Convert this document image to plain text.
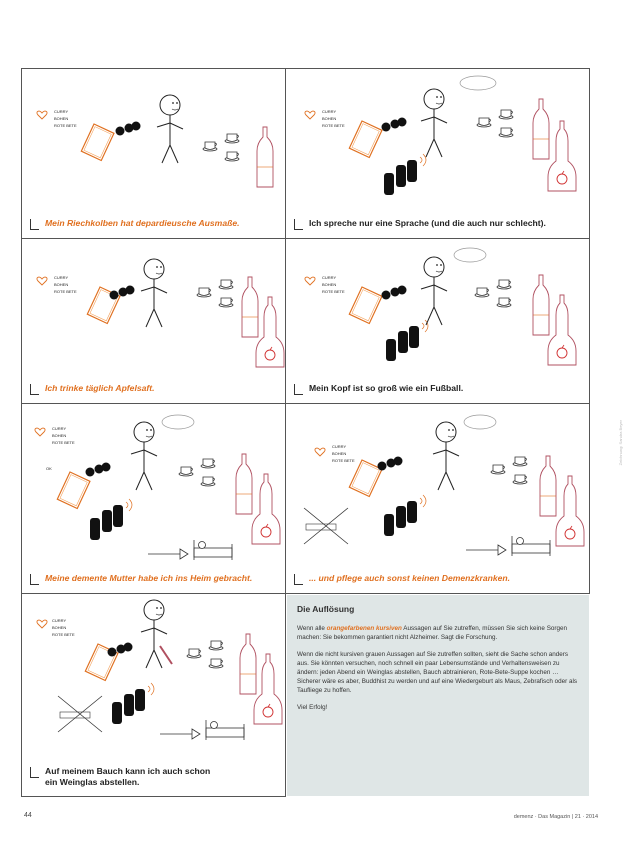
CURRY
BOHEN
ROTE BETE
Mein Riechkolben hat depardieusche Ausmaße.
CURRY
BOHEN
ROTE BETE
Ich spreche nur eine Sprache (und die auch nur schlecht).
CURRY
BOHEN
ROTE BETE
Ich trinke täglich Apfelsaft.
CURRY
BOHEN
ROTE BETE
Mein Kopf ist so groß wie ein Fußball.
CURRY
BOHEN
ROTE BETE
OK
Meine demente Mutter habe ich ins Heim gebracht.
CURRY
BOHEN
ROTE BETE
... und pflege auch sonst keinen Demenzkranken.
CURRY
BOHEN
ROTE BETE
Auf meinem Bauch kann ich auch schon
ein Weinglas abstellen.
Die Auflösung

Wenn alle orangefarbenen kursiven Aussagen auf Sie zutreffen, müssen Sie sich keine Sorgen machen: Sie bekommen garantiert nicht Alzheimer. Sagt die Forschung.

Wenn die nicht kursiven grauen Aussagen auf Sie zutreffen sollten, sieht die Sache schon anders aus. Sie könnten versuchen, noch schnell ein paar Lebensumstände und Verhaltensweisen zu ändern: jeden Abend ein Weinglas abstellen, Bauch abtrainieren, Rote-Bete-Suppe kochen … Sicherer wäre es aber, Buddhist zu werden und auf eine Wiedergeburt als Maus, Zebrafisch oder als Taufliege zu hoffen.

Viel Erfolg!

44	demenz · Das Magazin | 21 · 2014
Zeichnung: Sandra Beyer
